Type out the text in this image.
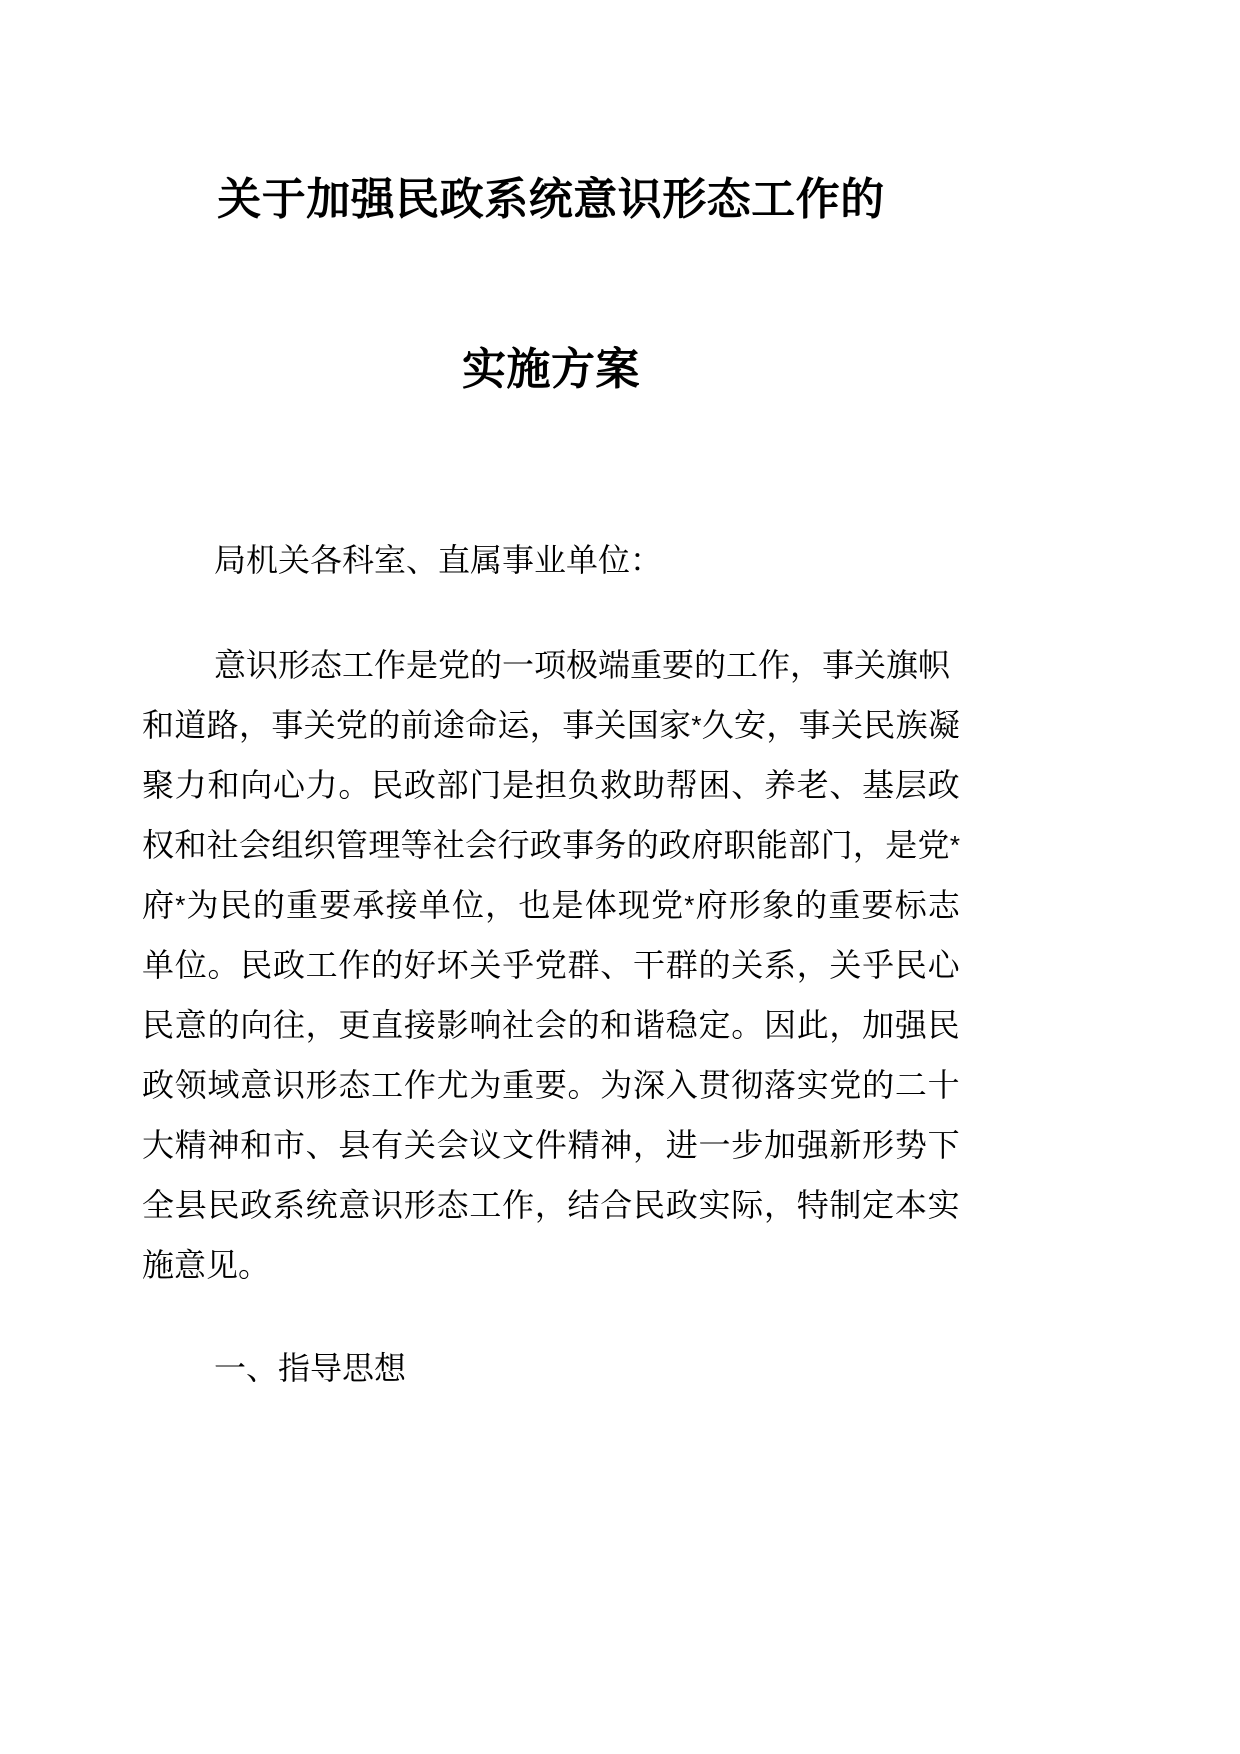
关于加强民政系统意识形态工作的
实施方案

局机关各科室、直属事业单位：

意识形态工作是党的一项极端重要的工作，事关旗帜
和 道 路 ， 事 关 党 的 前 途 命 运 ， 事 关 国 家 * 久 安 ， 事 关 民 族 凝
聚 力 和 向 心 力 。 民 政 部 门 是 担 负 救 助 帮 困 、 养 老 、 基 层 政
权 和 社 会 组 织 管 理 等 社 会 行 政 事 务 的 政 府 职 能 部 门 ， 是 党 *
府 * 为 民 的 重 要 承 接 单 位 ， 也 是 体 现 党 * 府 形 象 的 重 要 标 志
单 位 。 民 政 工 作 的 好 坏 关 乎 党 群 、 干 群 的 关 系 ， 关 乎 民 心
民 意 的 向 往 ， 更 直 接 影 响 社 会 的 和 谐 稳 定 。 因 此 ， 加 强 民
政 领 域 意 识 形 态 工 作 尤 为 重 要 。 为 深 入 贯 彻 落 实 党 的 二 十
大 精 神 和 市 、 县 有 关 会 议 文 件 精 神 ， 进 一 步 加 强 新 形 势 下
全 县 民 政 系 统 意 识 形 态 工 作 ， 结 合 民 政 实 际 ， 特 制 定 本 实
施 意 见 。

一、指导思想
